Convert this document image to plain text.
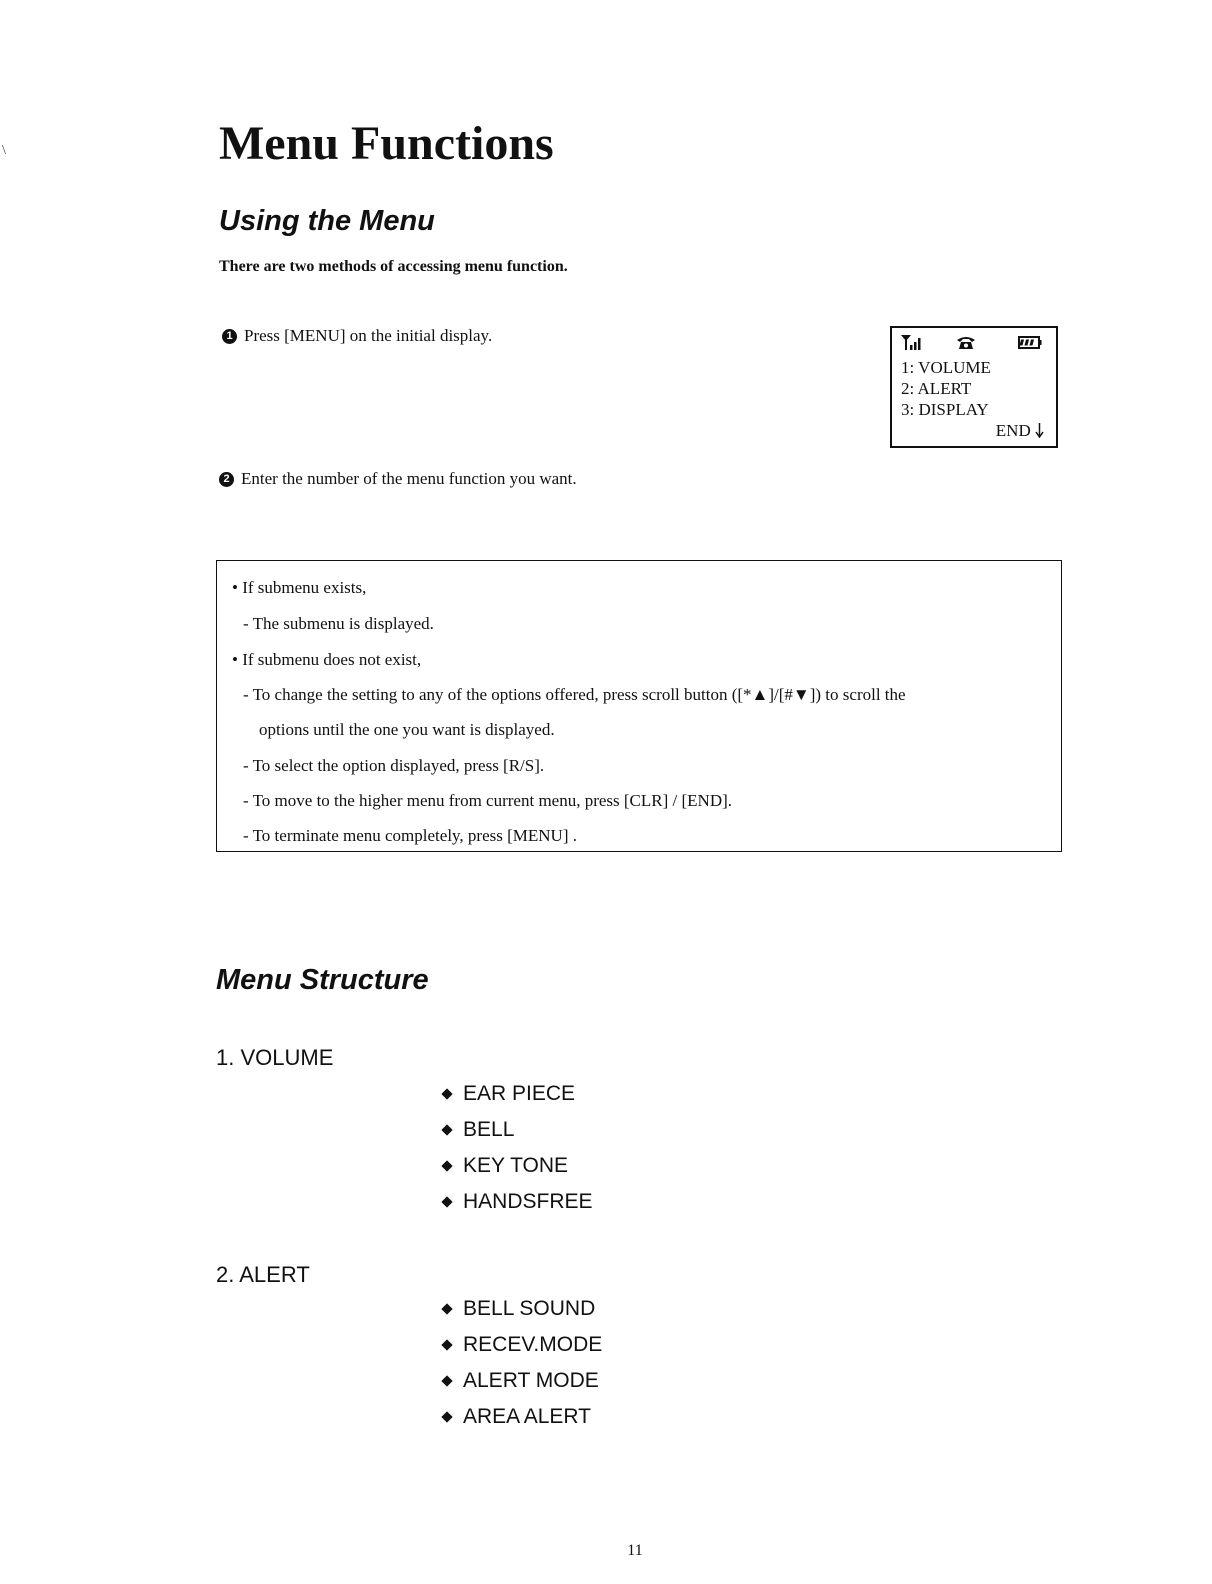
\	Menu Functions
Using the Menu
There are two methods of accessing menu function.
1 Press [MENU] on the initial display.
2 Enter the number of the menu function you want.
1: VOLUME
2: ALERT
3: DISPLAY
END
• If submenu exists,
- The submenu is displayed.
• If submenu does not exist,
- To change the setting to any of the options offered, press scroll button ([*▲]/[#▼]) to scroll the
options until the one you want is displayed.
- To select the option displayed, press [R/S].
- To move to the higher menu from current menu, press [CLR] / [END].
- To terminate menu completely, press [MENU] .
Menu Structure
1. VOLUME
EAR PIECE
BELL
KEY TONE
HANDSFREE
2. ALERT
BELL SOUND
RECEV.MODE
ALERT MODE
AREA ALERT
11
